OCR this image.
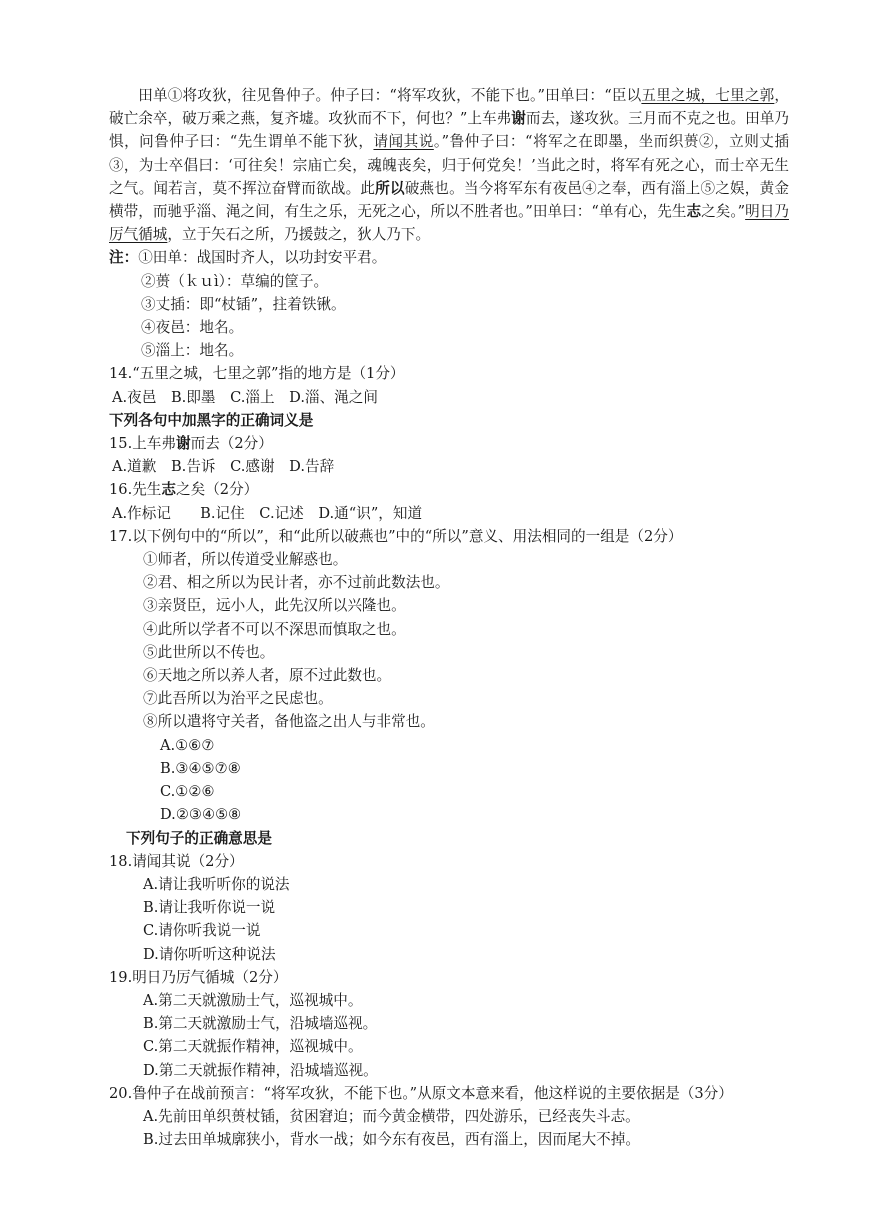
田单①将攻狄，往见鲁仲子。仲子曰：“将军攻狄，不能下也。”田单曰：“臣以五里之城，七里之郭，破亡余卒，破万乘之燕，复齐墟。攻狄而不下，何也？”上车弗谢而去，遂攻狄。三月而不克之也。田单乃惧，问鲁仲子曰：“先生谓单不能下狄，请闻其说。”鲁仲子曰：“将军之在即墨，坐而织蒉②，立则丈插③，为士卒倡曰：‘可往矣！宗庙亡矣，魂魄丧矣，归于何党矣！’当此之时，将军有死之心，而士卒无生之气。闻若言，莫不挥泣奋臂而欲战。此所以破燕也。当今将军东有夜邑④之奉，西有淄上⑤之娱，黄金横带，而驰乎淄、渑之间，有生之乐，无死之心，所以不胜者也。”田单曰：“单有心，先生志之矣。”明日乃厉气循城，立于矢石之所，乃援鼓之，狄人乃下。

注：①田单：战国时齐人，以功封安平君。
②蒉（ｋｕì）：草编的筐子。
③丈插：即“杖锸”，拄着铁锹。
④夜邑：地名。
⑤淄上：地名。
14.“五里之城，七里之郭”指的地方是（1分）
A.夜邑　B.即墨　C.淄上　D.淄、渑之间
下列各句中加黑字的正确词义是
15.上车弗谢而去（2分）
A.道歉　B.告诉　C.感谢　D.告辞
16.先生志之矣（2分）
A.作标记　　B.记住　C.记述　D.通“识”，知道
17.以下例句中的“所以”，和“此所以破燕也”中的“所以”意义、用法相同的一组是（2分）
①师者，所以传道受业解惑也。
②君、相之所以为民计者，亦不过前此数法也。
③亲贤臣，远小人，此先汉所以兴隆也。
④此所以学者不可以不深思而慎取之也。
⑤此世所以不传也。
⑥天地之所以养人者，原不过此数也。
⑦此吾所以为治平之民虑也。
⑧所以遣将守关者，备他盗之出人与非常也。
A.①⑥⑦
B.③④⑤⑦⑧
C.①②⑥
D.②③④⑤⑧
下列句子的正确意思是
18.请闻其说（2分）
A.请让我听听你的说法
B.请让我听你说一说
C.请你听我说一说
D.请你听听这种说法
19.明日乃厉气循城（2分）
A.第二天就激励士气，巡视城中。
B.第二天就激励士气，沿城墙巡视。
C.第二天就振作精神，巡视城中。
D.第二天就振作精神，沿城墙巡视。
20.鲁仲子在战前预言：“将军攻狄，不能下也。”从原文本意来看，他这样说的主要依据是（3分）
A.先前田单织蒉杖锸，贫困窘迫；而今黄金横带，四处游乐，已经丧失斗志。
B.过去田单城廓狭小，背水一战；如今东有夜邑，西有淄上，因而尾大不掉。
